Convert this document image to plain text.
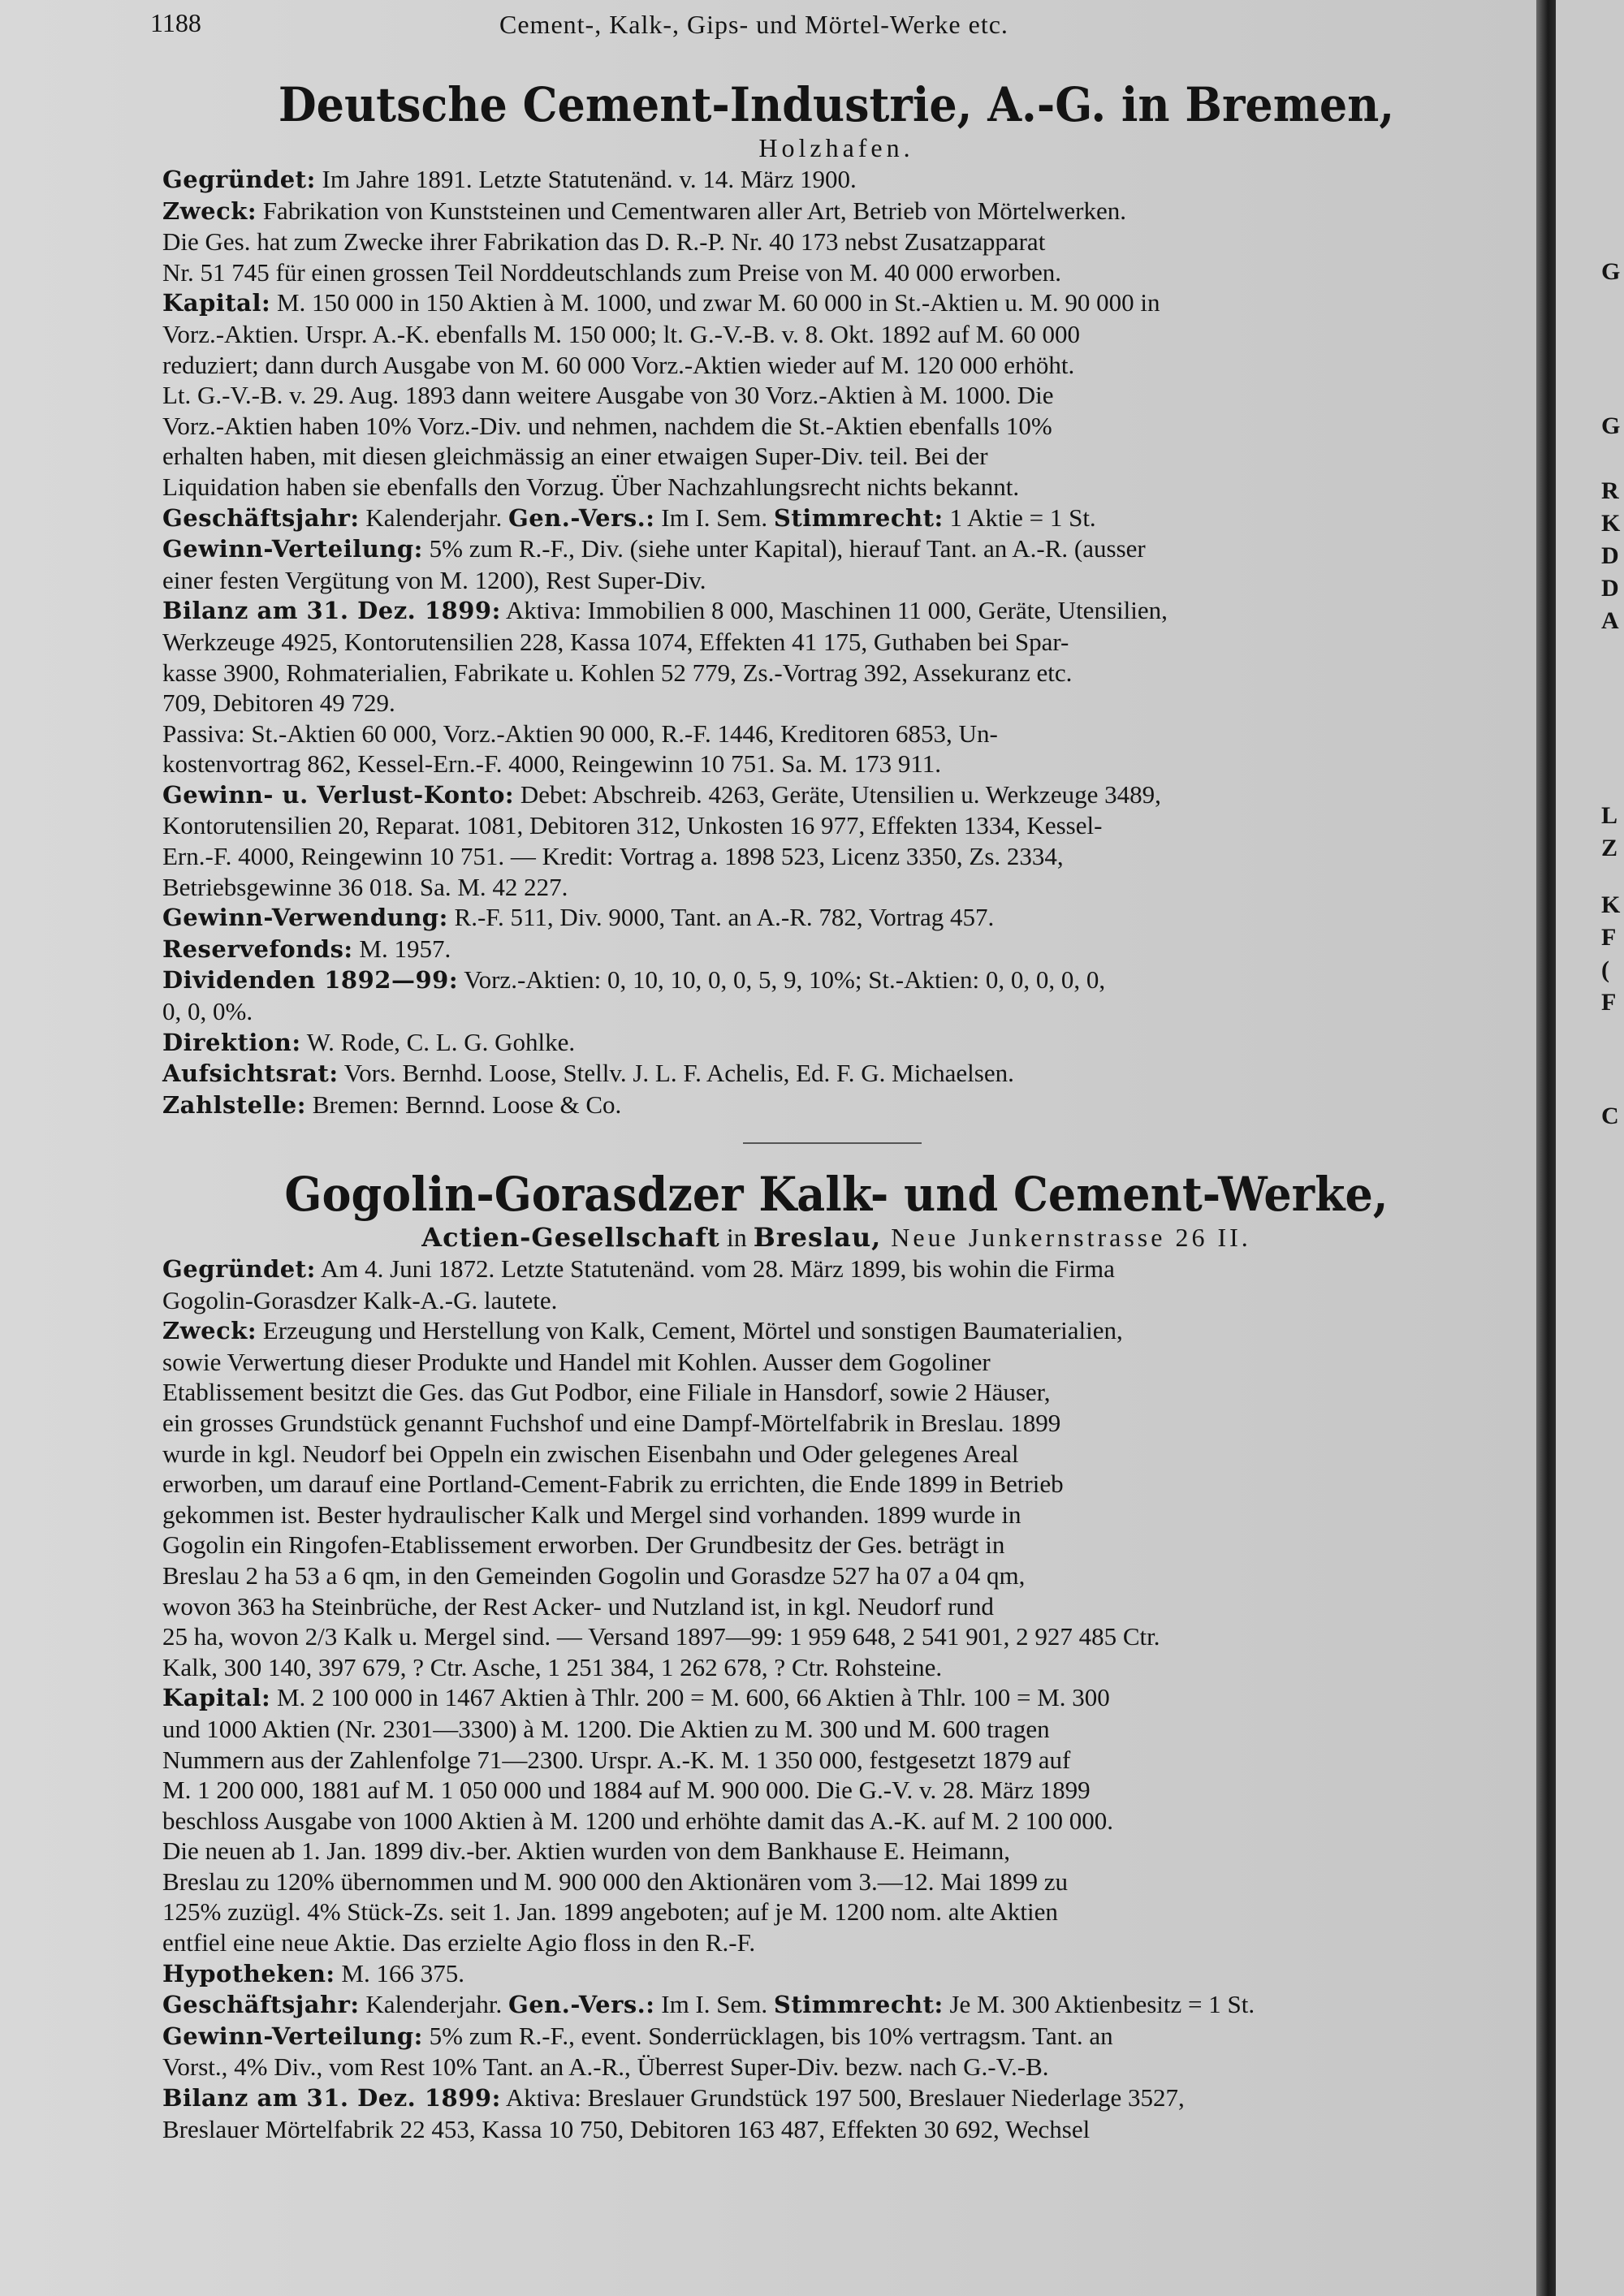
1188	Cement-, Kalk-, Gips- und Mörtel-Werke etc.
Deutsche Cement-Industrie, A.-G. in Bremen,
Holzhafen.
Gegründet: Im Jahre 1891. Letzte Statutenänd. v. 14. März 1900.
Zweck: Fabrikation von Kunststeinen und Cementwaren aller Art, Betrieb von Mörtelwerken.
Die Ges. hat zum Zwecke ihrer Fabrikation das D. R.-P. Nr. 40 173 nebst Zusatzapparat
Nr. 51 745 für einen grossen Teil Norddeutschlands zum Preise von M. 40 000 erworben.
Kapital: M. 150 000 in 150 Aktien à M. 1000, und zwar M. 60 000 in St.-Aktien u. M. 90 000 in
Vorz.-Aktien. Urspr. A.-K. ebenfalls M. 150 000; lt. G.-V.-B. v. 8. Okt. 1892 auf M. 60 000
reduziert; dann durch Ausgabe von M. 60 000 Vorz.-Aktien wieder auf M. 120 000 erhöht.
Lt. G.-V.-B. v. 29. Aug. 1893 dann weitere Ausgabe von 30 Vorz.-Aktien à M. 1000. Die
Vorz.-Aktien haben 10% Vorz.-Div. und nehmen, nachdem die St.-Aktien ebenfalls 10%
erhalten haben, mit diesen gleichmässig an einer etwaigen Super-Div. teil. Bei der
Liquidation haben sie ebenfalls den Vorzug. Über Nachzahlungsrecht nichts bekannt.
Geschäftsjahr: Kalenderjahr. Gen.-Vers.: Im I. Sem. Stimmrecht: 1 Aktie = 1 St.
Gewinn-Verteilung: 5% zum R.-F., Div. (siehe unter Kapital), hierauf Tant. an A.-R. (ausser
einer festen Vergütung von M. 1200), Rest Super-Div.
Bilanz am 31. Dez. 1899: Aktiva: Immobilien 8 000, Maschinen 11 000, Geräte, Utensilien,
Werkzeuge 4925, Kontorutensilien 228, Kassa 1074, Effekten 41 175, Guthaben bei Spar-
kasse 3900, Rohmaterialien, Fabrikate u. Kohlen 52 779, Zs.-Vortrag 392, Assekuranz etc.
709, Debitoren 49 729.
Passiva: St.-Aktien 60 000, Vorz.-Aktien 90 000, R.-F. 1446, Kreditoren 6853, Un-
kostenvortrag 862, Kessel-Ern.-F. 4000, Reingewinn 10 751. Sa. M. 173 911.
Gewinn- u. Verlust-Konto: Debet: Abschreib. 4263, Geräte, Utensilien u. Werkzeuge 3489,
Kontorutensilien 20, Reparat. 1081, Debitoren 312, Unkosten 16 977, Effekten 1334, Kessel-
Ern.-F. 4000, Reingewinn 10 751. — Kredit: Vortrag a. 1898 523, Licenz 3350, Zs. 2334,
Betriebsgewinne 36 018. Sa. M. 42 227.
Gewinn-Verwendung: R.-F. 511, Div. 9000, Tant. an A.-R. 782, Vortrag 457.
Reservefonds: M. 1957.
Dividenden 1892—99: Vorz.-Aktien: 0, 10, 10, 0, 0, 5, 9, 10%; St.-Aktien: 0, 0, 0, 0, 0,
0, 0, 0%.
Direktion: W. Rode, C. L. G. Gohlke.
Aufsichtsrat: Vors. Bernhd. Loose, Stellv. J. L. F. Achelis, Ed. F. G. Michaelsen.
Zahlstelle: Bremen: Bernnd. Loose & Co.
Gogolin-Gorasdzer Kalk- und Cement-Werke,
Actien-Gesellschaft in Breslau, Neue Junkernstrasse 26 II.
Gegründet: Am 4. Juni 1872. Letzte Statutenänd. vom 28. März 1899, bis wohin die Firma
Gogolin-Gorasdzer Kalk-A.-G. lautete.
Zweck: Erzeugung und Herstellung von Kalk, Cement, Mörtel und sonstigen Baumaterialien,
sowie Verwertung dieser Produkte und Handel mit Kohlen. Ausser dem Gogoliner
Etablissement besitzt die Ges. das Gut Podbor, eine Filiale in Hansdorf, sowie 2 Häuser,
ein grosses Grundstück genannt Fuchshof und eine Dampf-Mörtelfabrik in Breslau. 1899
wurde in kgl. Neudorf bei Oppeln ein zwischen Eisenbahn und Oder gelegenes Areal
erworben, um darauf eine Portland-Cement-Fabrik zu errichten, die Ende 1899 in Betrieb
gekommen ist. Bester hydraulischer Kalk und Mergel sind vorhanden. 1899 wurde in
Gogolin ein Ringofen-Etablissement erworben. Der Grundbesitz der Ges. beträgt in
Breslau 2 ha 53 a 6 qm, in den Gemeinden Gogolin und Gorasdze 527 ha 07 a 04 qm,
wovon 363 ha Steinbrüche, der Rest Acker- und Nutzland ist, in kgl. Neudorf rund
25 ha, wovon 2/3 Kalk u. Mergel sind. — Versand 1897—99: 1 959 648, 2 541 901, 2 927 485 Ctr.
Kalk, 300 140, 397 679, ? Ctr. Asche, 1 251 384, 1 262 678, ? Ctr. Rohsteine.
Kapital: M. 2 100 000 in 1467 Aktien à Thlr. 200 = M. 600, 66 Aktien à Thlr. 100 = M. 300
und 1000 Aktien (Nr. 2301—3300) à M. 1200. Die Aktien zu M. 300 und M. 600 tragen
Nummern aus der Zahlenfolge 71—2300. Urspr. A.-K. M. 1 350 000, festgesetzt 1879 auf
M. 1 200 000, 1881 auf M. 1 050 000 und 1884 auf M. 900 000. Die G.-V. v. 28. März 1899
beschloss Ausgabe von 1000 Aktien à M. 1200 und erhöhte damit das A.-K. auf M. 2 100 000.
Die neuen ab 1. Jan. 1899 div.-ber. Aktien wurden von dem Bankhause E. Heimann,
Breslau zu 120% übernommen und M. 900 000 den Aktionären vom 3.—12. Mai 1899 zu
125% zuzügl. 4% Stück-Zs. seit 1. Jan. 1899 angeboten; auf je M. 1200 nom. alte Aktien
entfiel eine neue Aktie. Das erzielte Agio floss in den R.-F.
Hypotheken: M. 166 375.
Geschäftsjahr: Kalenderjahr. Gen.-Vers.: Im I. Sem. Stimmrecht: Je M. 300 Aktienbesitz = 1 St.
Gewinn-Verteilung: 5% zum R.-F., event. Sonderrücklagen, bis 10% vertragsm. Tant. an
Vorst., 4% Div., vom Rest 10% Tant. an A.-R., Überrest Super-Div. bezw. nach G.-V.-B.
Bilanz am 31. Dez. 1899: Aktiva: Breslauer Grundstück 197 500, Breslauer Niederlage 3527,
Breslauer Mörtelfabrik 22 453, Kassa 10 750, Debitoren 163 487, Effekten 30 692, Wechsel
G
G
R
K
D
D
A
L
Z
K
F
(
F
C
